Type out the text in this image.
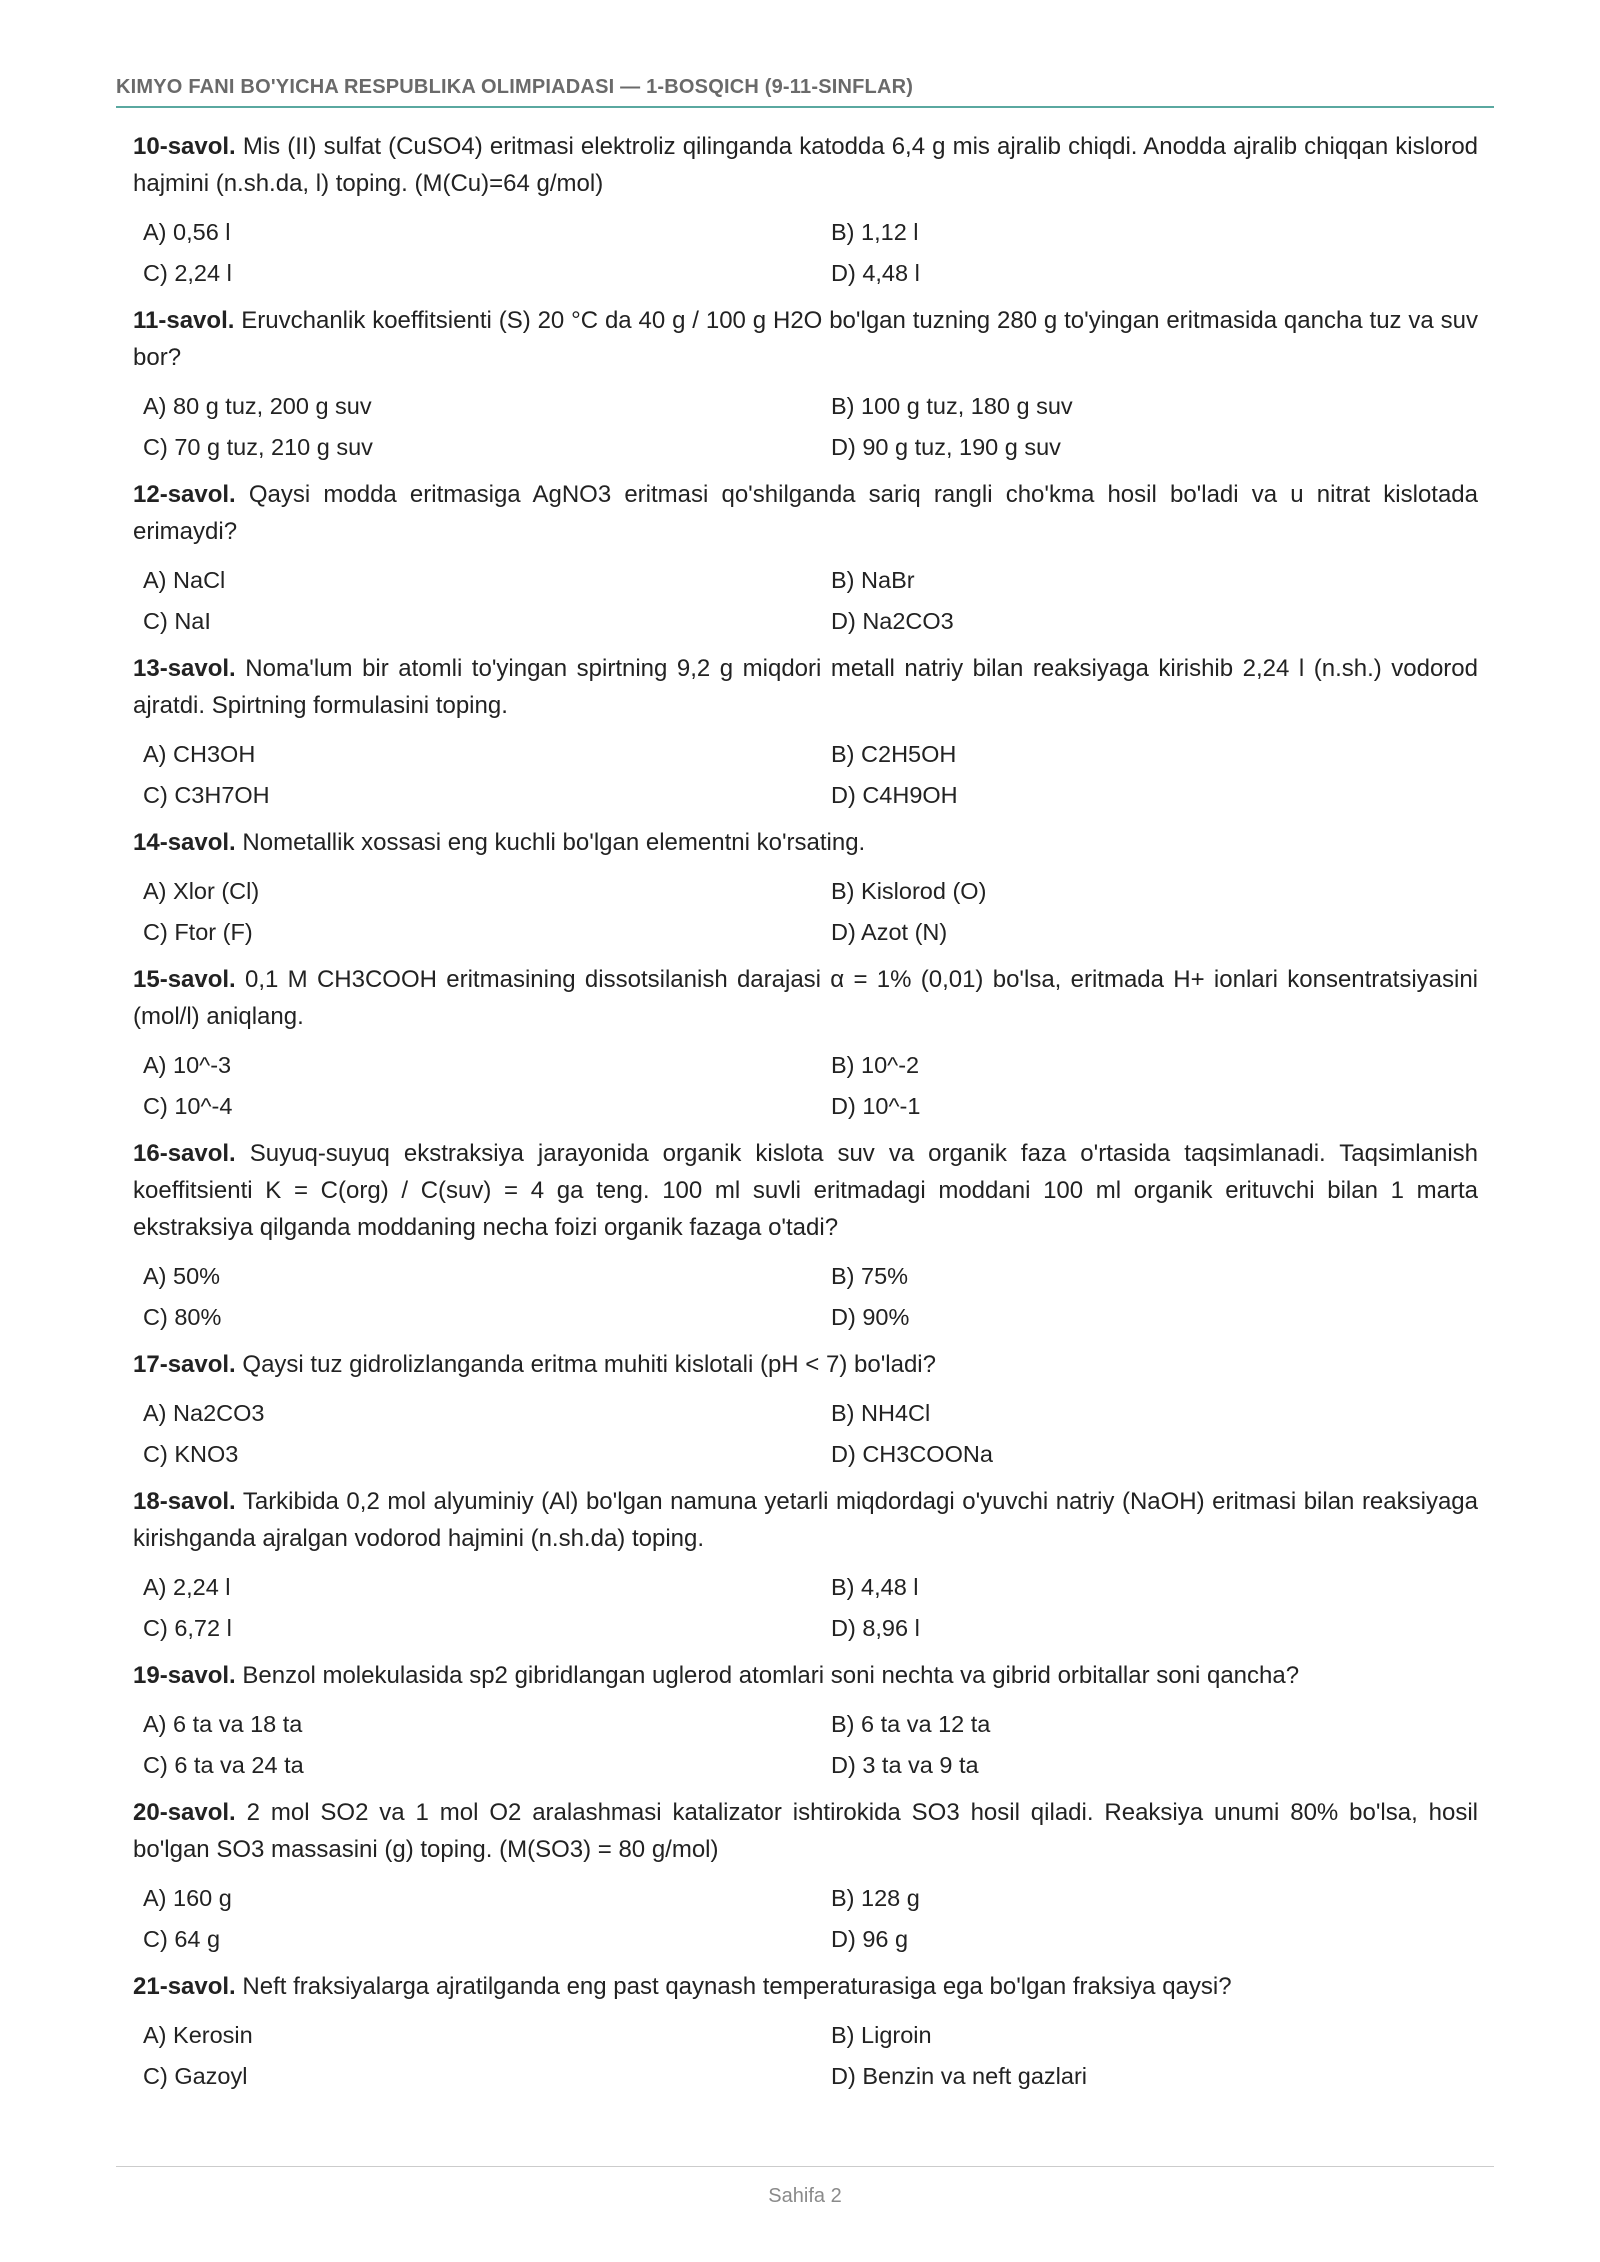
KIMYO FANI BO'YICHA RESPUBLIKA OLIMPIADASI — 1-BOSQICH (9-11-SINFLAR)
10-savol. Mis (II) sulfat (CuSO4) eritmasi elektroliz qilinganda katodda 6,4 g mis ajralib chiqdi. Anodda ajralib chiqqan kislorod hajmini (n.sh.da, l) toping. (M(Cu)=64 g/mol)
A) 0,56 l	B) 1,12 l
C) 2,24 l	D) 4,48 l
11-savol. Eruvchanlik koeffitsienti (S) 20 °C da 40 g / 100 g H2O bo'lgan tuzning 280 g to'yingan eritmasida qancha tuz va suv bor?
A) 80 g tuz, 200 g suv	B) 100 g tuz, 180 g suv
C) 70 g tuz, 210 g suv	D) 90 g tuz, 190 g suv
12-savol. Qaysi modda eritmasiga AgNO3 eritmasi qo'shilganda sariq rangli cho'kma hosil bo'ladi va u nitrat kislotada erimaydi?
A) NaCl	B) NaBr
C) NaI	D) Na2CO3
13-savol. Noma'lum bir atomli to'yingan spirtning 9,2 g miqdori metall natriy bilan reaksiyaga kirishib 2,24 l (n.sh.) vodorod ajratdi. Spirtning formulasini toping.
A) CH3OH	B) C2H5OH
C) C3H7OH	D) C4H9OH
14-savol. Nometallik xossasi eng kuchli bo'lgan elementni ko'rsating.
A) Xlor (Cl)	B) Kislorod (O)
C) Ftor (F)	D) Azot (N)
15-savol. 0,1 M CH3COOH eritmasining dissotsilanish darajasi α = 1% (0,01) bo'lsa, eritmada H+ ionlari konsentratsiyasini (mol/l) aniqlang.
A) 10^-3	B) 10^-2
C) 10^-4	D) 10^-1
16-savol. Suyuq-suyuq ekstraksiya jarayonida organik kislota suv va organik faza o'rtasida taqsimlanadi. Taqsimlanish koeffitsienti K = C(org) / C(suv) = 4 ga teng. 100 ml suvli eritmadagi moddani 100 ml organik erituvchi bilan 1 marta ekstraksiya qilganda moddaning necha foizi organik fazaga o'tadi?
A) 50%	B) 75%
C) 80%	D) 90%
17-savol. Qaysi tuz gidrolizlanganda eritma muhiti kislotali (pH < 7) bo'ladi?
A) Na2CO3	B) NH4Cl
C) KNO3	D) CH3COONa
18-savol. Tarkibida 0,2 mol alyuminiy (Al) bo'lgan namuna yetarli miqdordagi o'yuvchi natriy (NaOH) eritmasi bilan reaksiyaga kirishganda ajralgan vodorod hajmini (n.sh.da) toping.
A) 2,24 l	B) 4,48 l
C) 6,72 l	D) 8,96 l
19-savol. Benzol molekulasida sp2 gibridlangan uglerod atomlari soni nechta va gibrid orbitallar soni qancha?
A) 6 ta va 18 ta	B) 6 ta va 12 ta
C) 6 ta va 24 ta	D) 3 ta va 9 ta
20-savol. 2 mol SO2 va 1 mol O2 aralashmasi katalizator ishtirokida SO3 hosil qiladi. Reaksiya unumi 80% bo'lsa, hosil bo'lgan SO3 massasini (g) toping. (M(SO3) = 80 g/mol)
A) 160 g	B) 128 g
C) 64 g	D) 96 g
21-savol. Neft fraksiyalarga ajratilganda eng past qaynash temperaturasiga ega bo'lgan fraksiya qaysi?
A) Kerosin	B) Ligroin
C) Gazoyl	D) Benzin va neft gazlari
Sahifa 2
